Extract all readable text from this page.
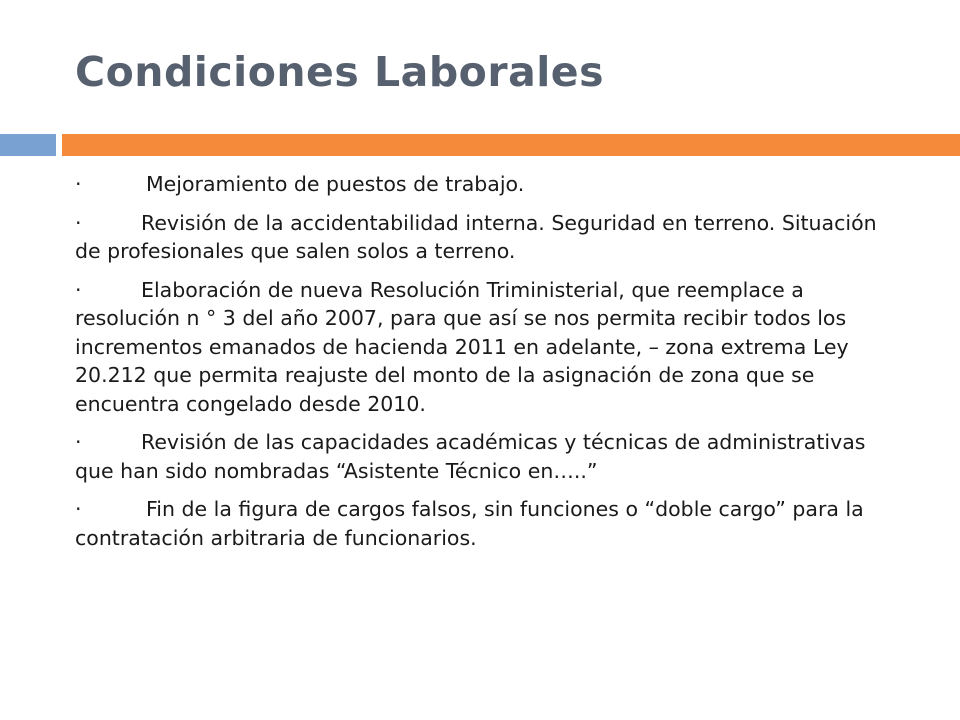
Condiciones Laborales
·	Mejoramiento de puestos de trabajo.
·	Revisión de la accidentabilidad interna. Seguridad en terreno. Situación de profesionales que salen solos a terreno.
·	Elaboración de nueva Resolución Triministerial, que reemplace a resolución n ° 3 del año 2007, para que así se nos permita recibir todos los incrementos emanados de hacienda 2011 en adelante, – zona extrema Ley 20.212 que permita reajuste del monto de la asignación de zona que se encuentra congelado desde 2010.
·	Revisión de las capacidades académicas y técnicas de administrativas que han sido nombradas “Asistente Técnico en…..”
·	Fin de la figura de cargos falsos, sin funciones o “doble cargo” para la contratación arbitraria de funcionarios.
